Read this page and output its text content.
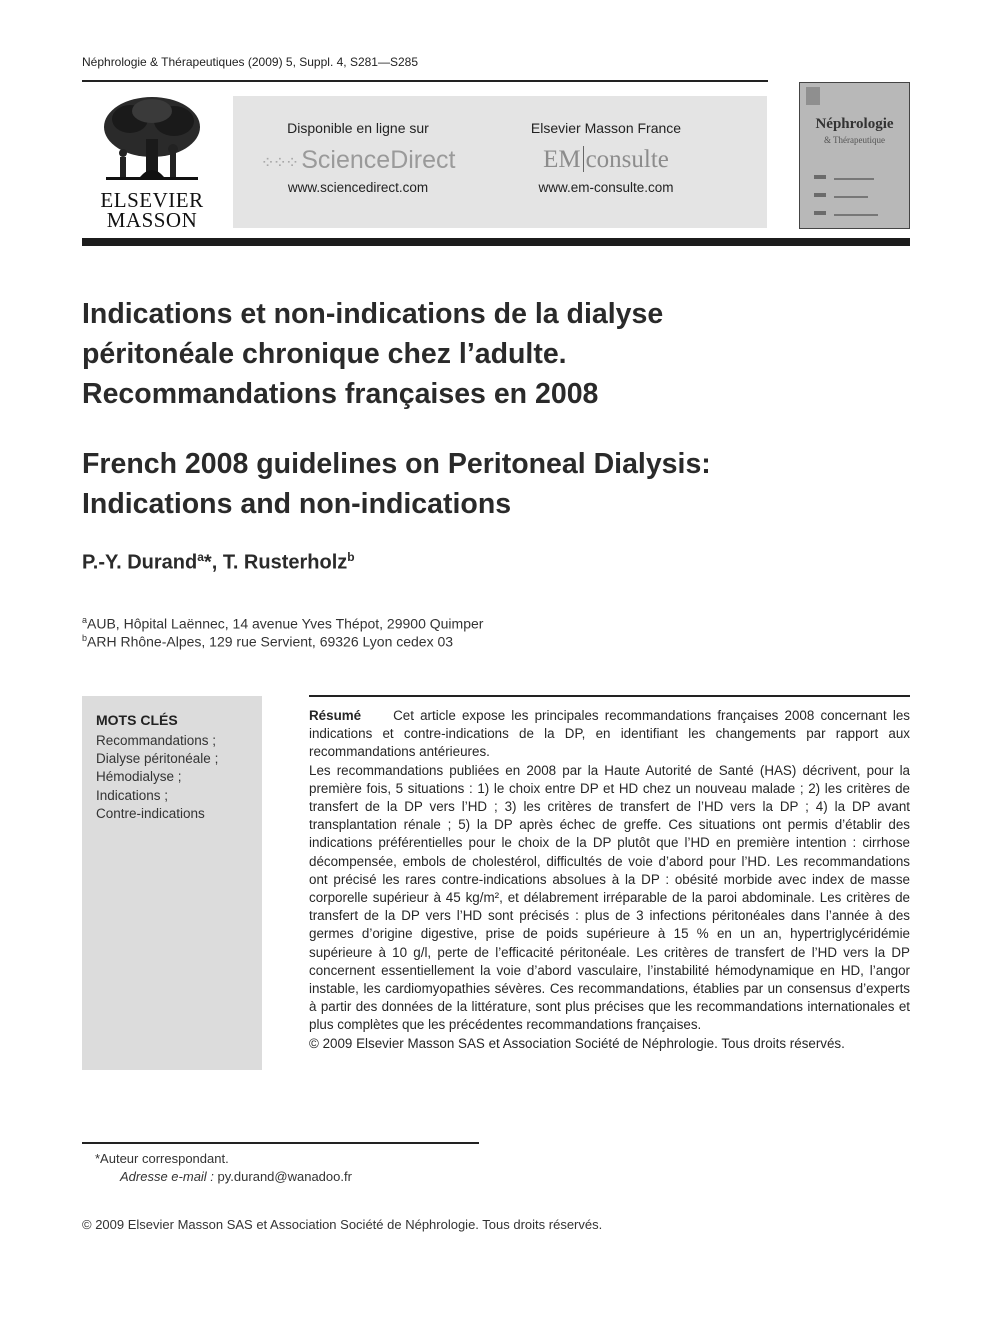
Néphrologie & Thérapeutiques (2009) 5, Suppl. 4, S281—S285
ELSEVIER
MASSON
Disponible en ligne sur
⁘⁘⁘ ScienceDirect
www.sciencedirect.com
Elsevier Masson France
EM consulte
www.em-consulte.com
Néphrologie
& Thérapeutique
Indications et non-indications de la dialyse
péritonéale chronique chez l’adulte.
Recommandations françaises en 2008
French 2008 guidelines on Peritoneal Dialysis:
Indications and non-indications
P.-Y. Durand$^a$*, T. Rusterholz$^b$
$^a$AUB, Hôpital Laënnec, 14 avenue Yves Thépot, 29900 Quimper
$^b$ARH Rhône-Alpes, 129 rue Servient, 69326 Lyon cedex 03
MOTS CLÉS
Recommandations ;
Dialyse péritonéale ;
Hémodialyse ;
Indications ;
Contre-indications

Résumé Cet article expose les principales recommandations françaises 2008 concernant les indications et contre-indications de la DP, en identifiant les changements par rapport aux recommandations antérieures.

Les recommandations publiées en 2008 par la Haute Autorité de Santé (HAS) décrivent, pour la première fois, 5 situations : 1) le choix entre DP et HD chez un nouveau malade ; 2) les critères de transfert de la DP vers l’HD ; 3) les critères de transfert de l’HD vers la DP ; 4) la DP avant transplantation rénale ; 5) la DP après échec de greffe. Ces situations ont permis d’établir des indications préférentielles pour le choix de la DP plutôt que l’HD en première intention : cirrhose décompensée, embols de cholestérol, difficultés de voie d’abord pour l’HD. Les recommandations ont précisé les rares contre-indications absolues à la DP : obésité morbide avec index de masse corporelle supérieur à 45 kg/m², et délabrement irréparable de la paroi abdominale. Les critères de transfert de la DP vers l’HD sont précisés : plus de 3 infections péritonéales dans l’année à des germes d’origine digestive, prise de poids supérieure à 15 % en un an, hypertriglycéridémie supérieure à 10 g/l, perte de l’efficacité péritonéale. Les critères de transfert de l’HD vers la DP concernent essentiellement la voie d’abord vasculaire, l’instabilité hémodynamique en HD, l’angor instable, les cardiomyopathies sévères. Ces recommandations, établies par un consensus d’experts à partir des données de la littérature, sont plus précises que les recommandations internationales et plus complètes que les précédentes recommandations françaises.

© 2009 Elsevier Masson SAS et Association Société de Néphrologie. Tous droits réservés.

*Auteur correspondant.
Adresse e-mail : py.durand@wanadoo.fr
© 2009 Elsevier Masson SAS et Association Société de Néphrologie. Tous droits réservés.
